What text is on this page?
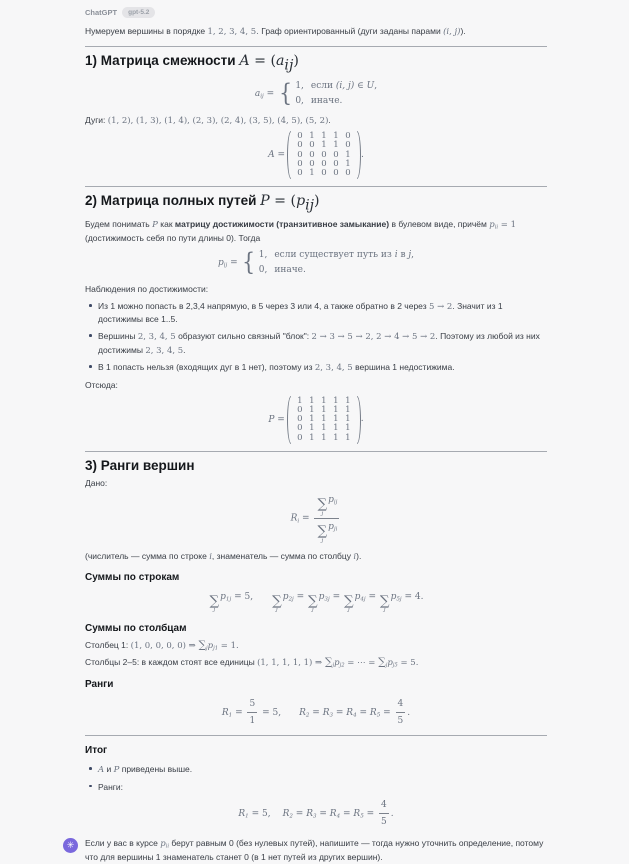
ChatGPT	gpt-5.2

Нумеруем вершины в порядке 1, 2, 3, 4, 5. Граф ориентированный (дуги заданы парами (i, j)).

1) Матрица смежности A = (aij)
aij = { 1, если (i, j) ∈ U,
0, иначе.

Дуги: (1, 2), (1, 3), (1, 4), (2, 3), (2, 4), (3, 5), (4, 5), (5, 2).

A =
0 1 1 1 0
0 0 1 1 0
0 0 0 0 1
0 0 0 0 1
0 1 0 0 0
.
2) Матрица полных путей P = (pij)

Будем понимать P как матрицу достижимости (транзитивное замыкание) в булевом виде, причём pii = 1 (достижимость себя по пути длины 0). Тогда

pij = { 1, если существует путь из i в j,
0, иначе.

Наблюдения по достижимости:

Из 1 можно попасть в 2,3,4 напрямую, в 5 через 3 или 4, а также обратно в 2 через 5 → 2. Значит из 1 достижимы все 1..5.
Вершины 2, 3, 4, 5 образуют сильно связный "блок": 2 → 3 → 5 → 2, 2 → 4 → 5 → 2. Поэтому из любой из них достижимы 2, 3, 4, 5.
В 1 попасть нельзя (входящих дуг в 1 нет), поэтому из 2, 3, 4, 5 вершина 1 недостижима.

Отсюда:

P =
1 1 1 1 1
0 1 1 1 1
0 1 1 1 1
0 1 1 1 1
0 1 1 1 1
.
3) Ранги вершин

Дано:

Ri = ∑
j
pij
∑
j
pji

(числитель — сумма по строке i, знаменатель — сумма по столбцу i).

Суммы по строкам
∑
j
p1j = 5, ∑
j
p2j = ∑
j
p3j = ∑
j
p4j = ∑
j
p5j = 4.
Суммы по столбцам

Столбец 1: (1, 0, 0, 0, 0) ⇒ ∑jpj1 = 1.

Столбцы 2–5: в каждом стоят все единицы (1, 1, 1, 1, 1) ⇒ ∑jpj2 = ⋯ = ∑jpj5 = 5.

Ранги
$R1 = \frac{5}{1} = 5$, $R2 = R3 = R4 = R5 = \frac{4}{5}$ .
Итог
A и P приведены выше.
Ранги:
R1 = 5, $R2 = R3 = R4 = R5 = \frac{4}{5}$ .
✳	Если у вас в курсе pii берут равным 0 (без нулевых путей), напишите — тогда нужно уточнить определение, потому что для вершины 1 знаменатель станет 0 (в 1 нет путей из других вершин).
